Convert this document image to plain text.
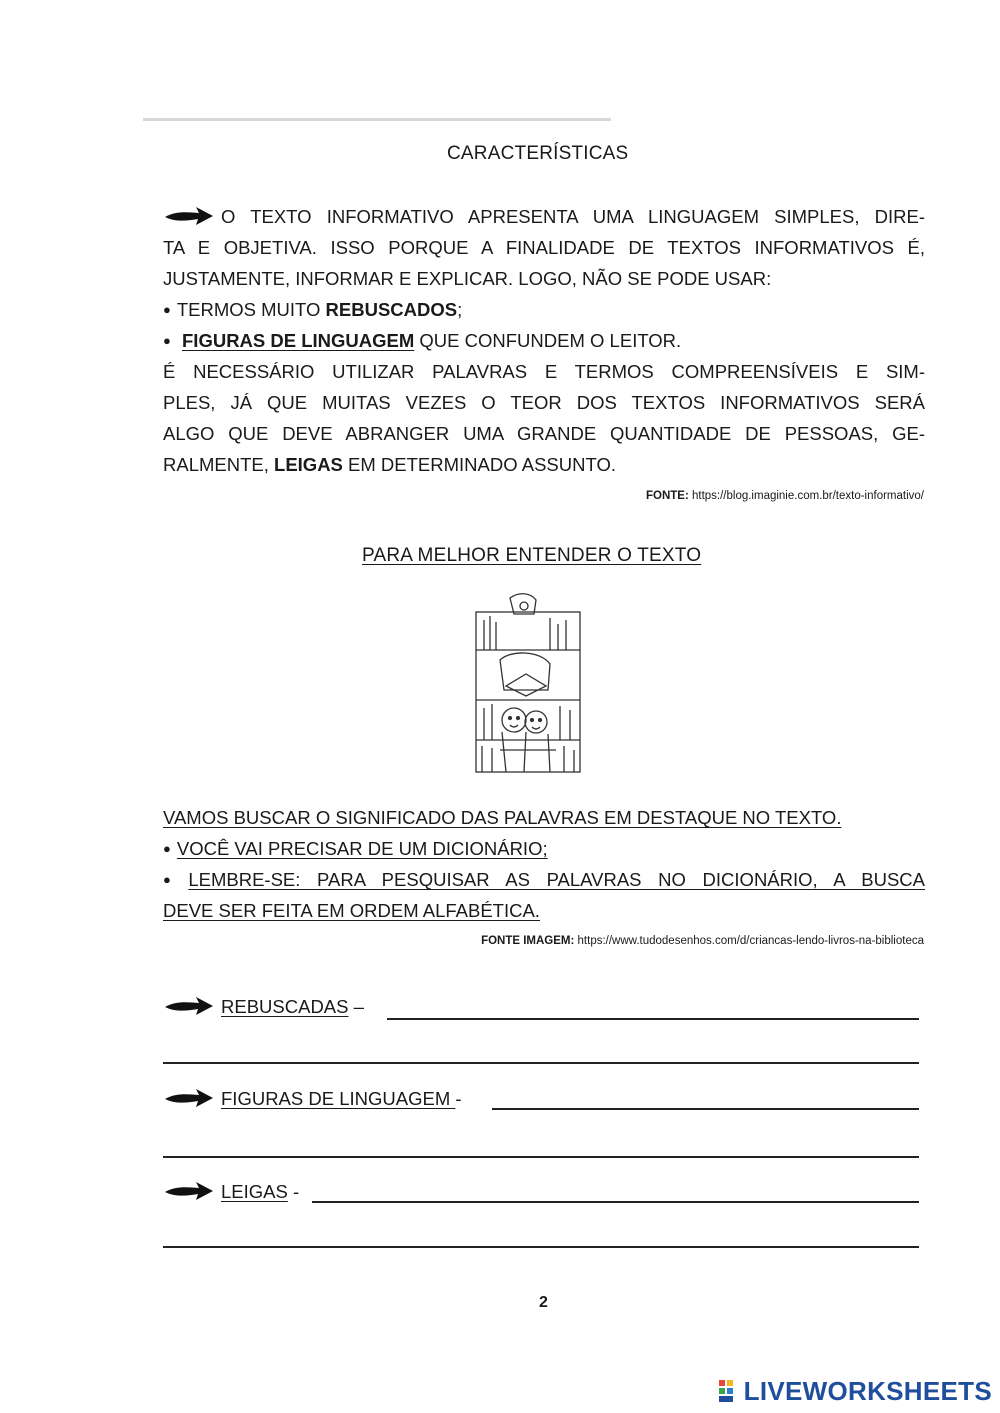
CARACTERÍSTICAS
O TEXTO INFORMATIVO APRESENTA UMA LINGUAGEM SIMPLES, DIRE-
TA E OBJETIVA. ISSO PORQUE A FINALIDADE DE TEXTOS INFORMATIVOS É,
JUSTAMENTE, INFORMAR E EXPLICAR. LOGO, NÃO SE PODE USAR:
● TERMOS MUITO REBUSCADOS;
● FIGURAS DE LINGUAGEM QUE CONFUNDEM O LEITOR.
É NECESSÁRIO UTILIZAR PALAVRAS E TERMOS COMPREENSÍVEIS E SIM-
PLES, JÁ QUE MUITAS VEZES O TEOR DOS TEXTOS INFORMATIVOS SERÁ
ALGO QUE DEVE ABRANGER UMA GRANDE QUANTIDADE DE PESSOAS, GE-
RALMENTE, LEIGAS EM DETERMINADO ASSUNTO.
FONTE: https://blog.imaginie.com.br/texto-informativo/
PARA MELHOR ENTENDER O TEXTO
VAMOS BUSCAR O SIGNIFICADO DAS PALAVRAS EM DESTAQUE NO TEXTO.
● VOCÊ VAI PRECISAR DE UM DICIONÁRIO;
● LEMBRE-SE: PARA PESQUISAR AS PALAVRAS NO DICIONÁRIO, A BUSCA
DEVE SER FEITA EM ORDEM ALFABÉTICA.
FONTE IMAGEM: https://www.tudodesenhos.com/d/criancas-lendo-livros-na-biblioteca
REBUSCADAS –
FIGURAS DE LINGUAGEM -
LEIGAS -
2
LIVEWORKSHEETS
